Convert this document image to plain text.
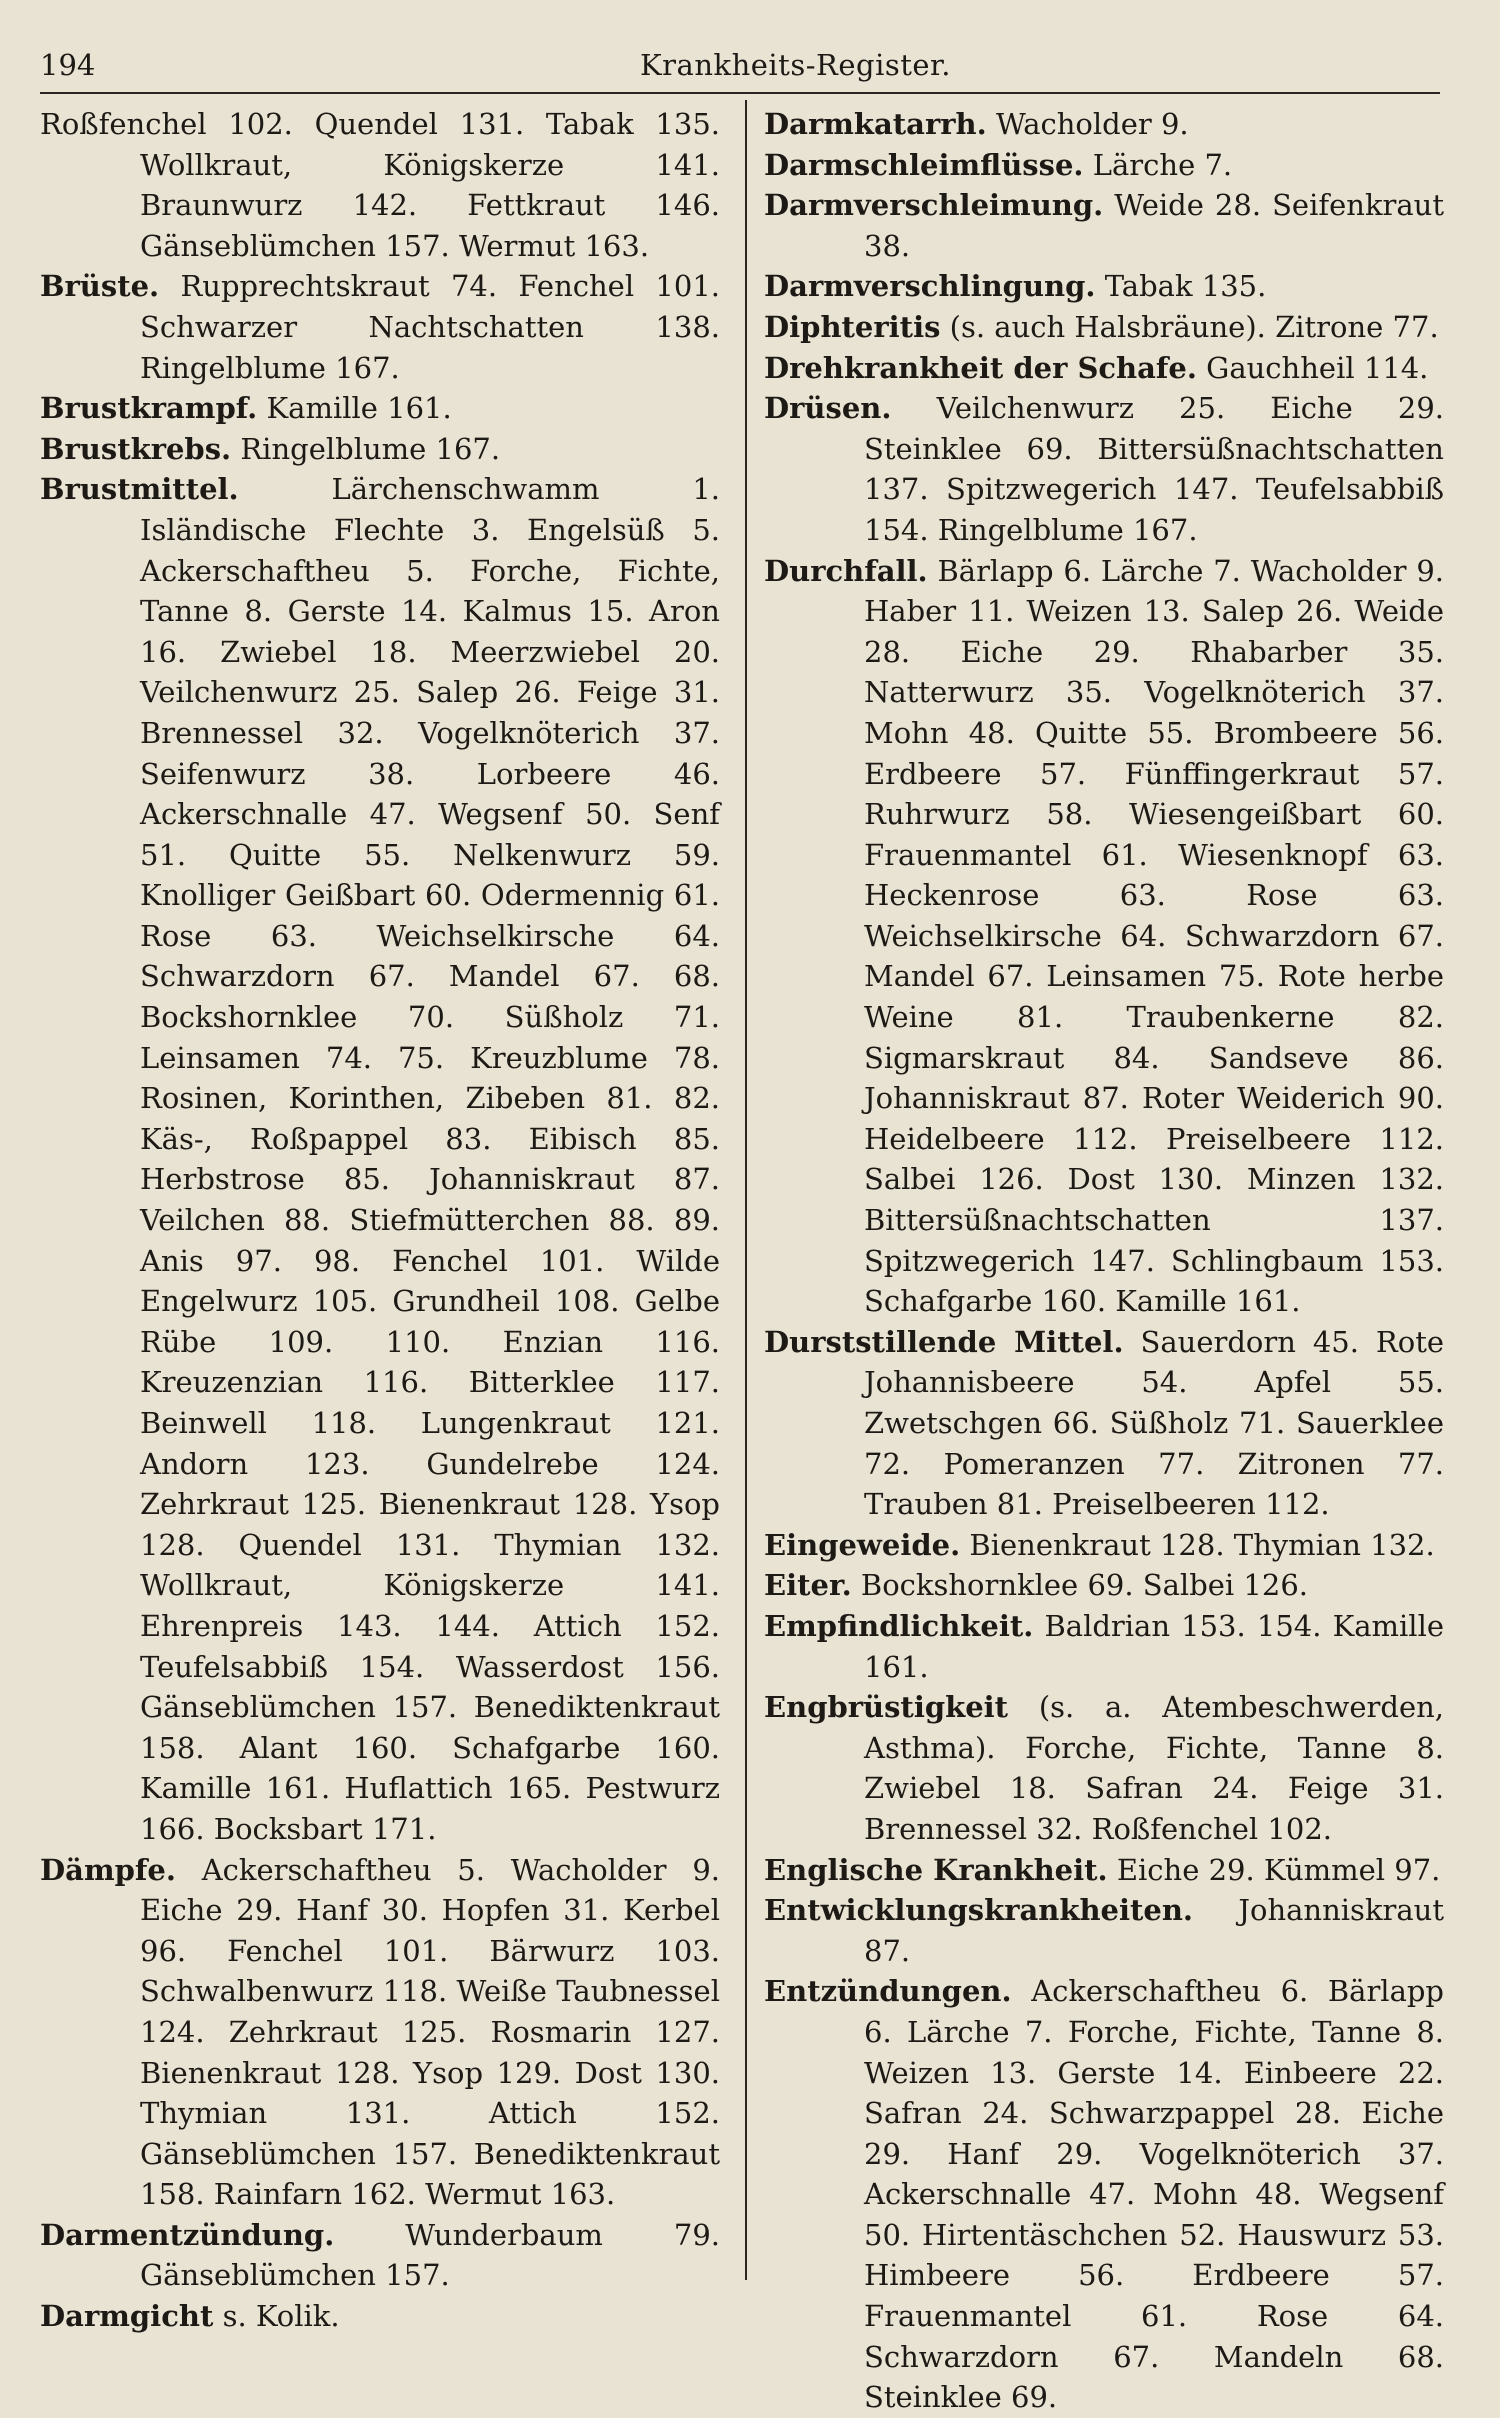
194	Krankheits-Register.

Roßfenchel 102. Quendel 131. Tabak 135. Wollkraut, Königskerze 141. Braunwurz 142. Fettkraut 146. Gänseblümchen 157. Wermut 163.

Brüste. Rupprechtskraut 74. Fenchel 101. Schwarzer Nachtschatten 138. Ringelblume 167.

Brustkrampf. Kamille 161.

Brustkrebs. Ringelblume 167.

Brustmittel.	Lärchenschwamm 1. Isländische Flechte 3. Engelsüß 5. Ackerschaftheu 5. Forche, Fichte, Tanne 8. Gerste 14. Kalmus 15. Aron 16. Zwiebel 18. Meerzwiebel 20. Veilchenwurz 25. Salep 26. Feige 31. Brennessel 32. Vogelknöterich 37. Seifenwurz 38. Lorbeere 46. Ackerschnalle 47. Wegsenf 50. Senf 51. Quitte 55. Nelkenwurz 59. Knolliger Geißbart 60. Odermennig 61. Rose 63. Weichselkirsche 64. Schwarzdorn 67. Mandel 67. 68. Bockshornklee 70. Süßholz 71. Leinsamen 74. 75. Kreuzblume 78. Rosinen, Korinthen, Zibeben 81. 82. Käs-, Roßpappel 83. Eibisch 85. Herbstrose 85. Johanniskraut 87. Veilchen 88. Stiefmütterchen 88. 89. Anis 97. 98. Fenchel 101. Wilde Engelwurz 105. Grundheil 108. Gelbe Rübe 109. 110. Enzian 116. Kreuzenzian 116. Bitterklee 117. Beinwell 118. Lungenkraut 121. Andorn 123. Gundelrebe 124. Zehrkraut 125. Bienenkraut 128. Ysop 128. Quendel 131. Thymian 132. Wollkraut, Königskerze 141. Ehrenpreis 143. 144. Attich 152. Teufelsabbiß 154. Wasserdost 156. Gänseblümchen 157. Benediktenkraut 158. Alant 160. Schafgarbe 160. Kamille 161. Huflattich 165. Pestwurz 166. Bocksbart 171.

Dämpfe. Ackerschaftheu 5. Wacholder 9. Eiche 29. Hanf 30. Hopfen 31. Kerbel 96. Fenchel 101. Bärwurz 103. Schwalbenwurz 118. Weiße Taubnessel 124. Zehrkraut 125. Rosmarin 127. Bienenkraut 128. Ysop 129. Dost 130. Thymian 131. Attich 152. Gänseblümchen 157. Benediktenkraut 158. Rainfarn 162. Wermut 163.

Darmentzündung. Wunderbaum 79. Gänseblümchen 157.

Darmgicht s. Kolik.

Darmkatarrh. Wacholder 9.

Darmschleimflüsse. Lärche 7.

Darmverschleimung. Weide 28. Seifenkraut 38.

Darmverschlingung. Tabak 135.

Diphteritis (s. auch Halsbräune). Zitrone 77.

Drehkrankheit der Schafe. Gauchheil 114.

Drüsen. Veilchenwurz 25. Eiche 29. Steinklee 69. Bittersüßnachtschatten 137. Spitzwegerich 147. Teufelsabbiß 154. Ringelblume 167.

Durchfall. Bärlapp 6. Lärche 7. Wacholder 9. Haber 11. Weizen 13. Salep 26. Weide 28. Eiche 29. Rhabarber 35. Natterwurz 35. Vogelknöterich 37. Mohn 48. Quitte 55. Brombeere 56. Erdbeere 57. Fünffingerkraut 57. Ruhrwurz 58. Wiesengeißbart 60. Frauenmantel 61. Wiesenknopf 63. Heckenrose 63. Rose 63. Weichselkirsche 64. Schwarzdorn 67. Mandel 67. Leinsamen 75. Rote herbe Weine 81. Traubenkerne 82. Sigmarskraut 84. Sandseve 86. Johanniskraut 87. Roter Weiderich 90. Heidelbeere 112. Preiselbeere 112. Salbei 126. Dost 130. Minzen 132. Bittersüßnachtschatten 137. Spitzwegerich 147. Schlingbaum 153. Schafgarbe 160. Kamille 161.

Durststillende Mittel. Sauerdorn 45. Rote Johannisbeere 54. Apfel 55. Zwetschgen 66. Süßholz 71. Sauerklee 72. Pomeranzen 77. Zitronen 77. Trauben 81. Preiselbeeren 112.

Eingeweide. Bienenkraut 128. Thymian 132.

Eiter. Bockshornklee 69. Salbei 126.

Empfindlichkeit. Baldrian 153. 154. Kamille 161.

Engbrüstigkeit (s. a. Atembeschwerden, Asthma). Forche, Fichte, Tanne 8. Zwiebel 18. Safran 24. Feige 31. Brennessel 32. Roßfenchel 102.

Englische Krankheit. Eiche 29. Kümmel 97.

Entwicklungskrankheiten. Johanniskraut 87.

Entzündungen. Ackerschaftheu 6. Bärlapp 6. Lärche 7. Forche, Fichte, Tanne 8. Weizen 13. Gerste 14. Einbeere 22. Safran 24. Schwarzpappel 28. Eiche 29. Hanf 29. Vogelknöterich 37. Ackerschnalle 47. Mohn 48. Wegsenf 50. Hirtentäschchen 52. Hauswurz 53. Himbeere 56. Erdbeere 57. Frauenmantel 61. Rose 64. Schwarzdorn 67. Mandeln 68. Steinklee 69.
